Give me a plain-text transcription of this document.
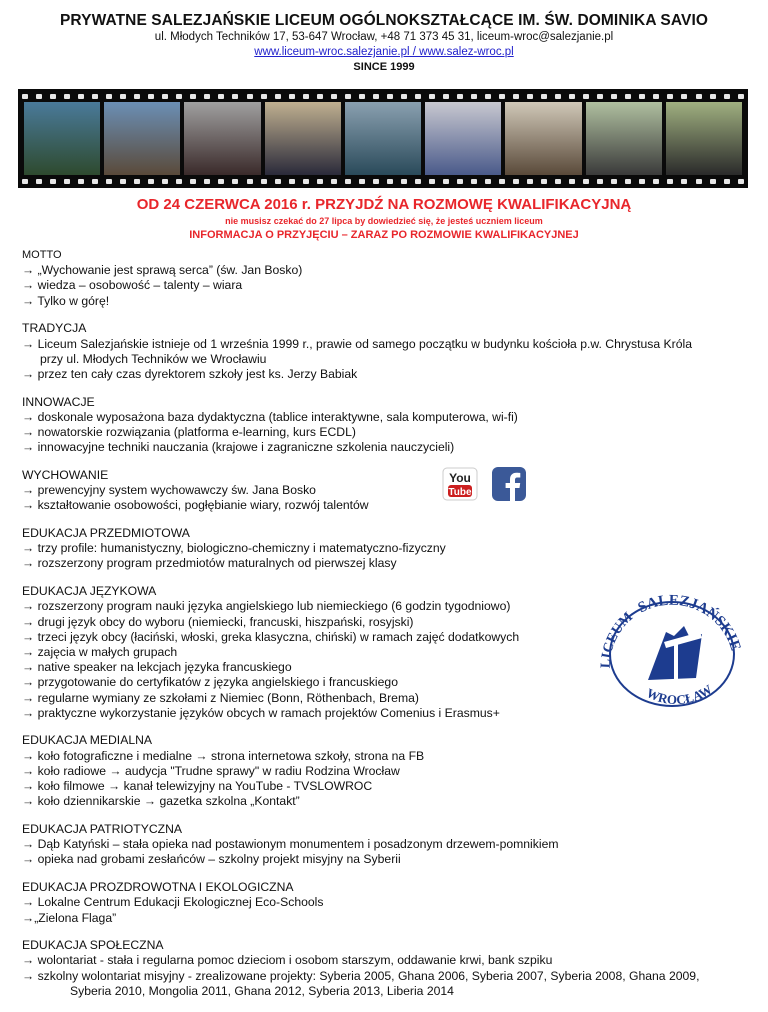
PRYWATNE SALEZJAŃSKIE LICEUM OGÓLNOKSZTAŁCĄCE IM. ŚW. DOMINIKA SAVIO
ul. Młodych Techników 17, 53-647 Wrocław, +48 71 373 45 31, liceum-wroc@salezjanie.pl
www.liceum-wroc.salezjanie.pl / www.salez-wroc.pl
SINCE 1999
OD 24 CZERWCA 2016 r. PRZYJDŹ NA ROZMOWĘ KWALIFIKACYJNĄ
nie musisz czekać do 27 lipca by dowiedzieć się, że jesteś uczniem liceum
INFORMACJA O PRZYJĘCIU – ZARAZ PO ROZMOWIE KWALIFIKACYJNEJ
MOTTO
→ „Wychowanie jest sprawą serca” (św. Jan Bosko)
→ wiedza – osobowość – talenty – wiara
→ Tylko w górę!
TRADYCJA
→ Liceum Salezjańskie istnieje od 1 września 1999 r., prawie od samego początku w budynku kościoła p.w. Chrystusa Króla
przy ul. Młodych Techników we Wrocławiu
→ przez ten cały czas dyrektorem szkoły jest ks. Jerzy Babiak
INNOWACJE
→ doskonale wyposażona baza dydaktyczna (tablice interaktywne, sala komputerowa, wi-fi)
→ nowatorskie rozwiązania (platforma e-learning, kurs ECDL)
→ innowacyjne techniki nauczania (krajowe i zagraniczne szkolenia nauczycieli)
WYCHOWANIE
→ prewencyjny system wychowawczy św. Jana Bosko
→ kształtowanie osobowości, pogłębianie wiary, rozwój talentów
EDUKACJA PRZEDMIOTOWA
→ trzy profile: humanistyczny, biologiczno-chemiczny i matematyczno-fizyczny
→ rozszerzony program przedmiotów maturalnych od pierwszej klasy
EDUKACJA JĘZYKOWA
→ rozszerzony program nauki języka angielskiego lub niemieckiego (6 godzin tygodniowo)
→ drugi język obcy do wyboru (niemiecki, francuski, hiszpański, rosyjski)
→ trzeci język obcy (łaciński, włoski, greka klasyczna, chiński) w ramach zajęć dodatkowych
→ zajęcia w małych grupach
→ native speaker na lekcjach języka francuskiego
→ przygotowanie do certyfikatów z języka angielskiego i francuskiego
→ regularne wymiany ze szkołami z Niemiec (Bonn, Röthenbach, Brema)
→ praktyczne wykorzystanie języków obcych w ramach projektów Comenius i Erasmus+
EDUKACJA MEDIALNA
→ koło fotograficzne i medialne → strona internetowa szkoły, strona na FB
→ koło radiowe → audycja "Trudne sprawy" w radiu Rodzina Wrocław
→ koło filmowe → kanał telewizyjny na YouTube - TVSLOWROC
→ koło dziennikarskie → gazetka szkolna „Kontakt”
EDUKACJA PATRIOTYCZNA
→ Dąb Katyński – stała opieka nad postawionym monumentem i posadzonym drzewem-pomnikiem
→ opieka nad grobami zesłańców – szkolny projekt misyjny na Syberii
EDUKACJA PROZDROWOTNA I EKOLOGICZNA
→ Lokalne Centrum Edukacji Ekologicznej Eco-Schools
→„Zielona Flaga”
EDUKACJA SPOŁECZNA
→ wolontariat - stała i regularna pomoc dzieciom i osobom starszym, oddawanie krwi, bank szpiku
→ szkolny wolontariat misyjny - zrealizowane projekty: Syberia 2005, Ghana 2006, Syberia 2007, Syberia 2008, Ghana 2009,
Syberia 2010, Mongolia 2011, Ghana 2012, Syberia 2013, Liberia 2014
You
Tube
SALEZJAŃSKIE
LICEUM
WROCŁAW
